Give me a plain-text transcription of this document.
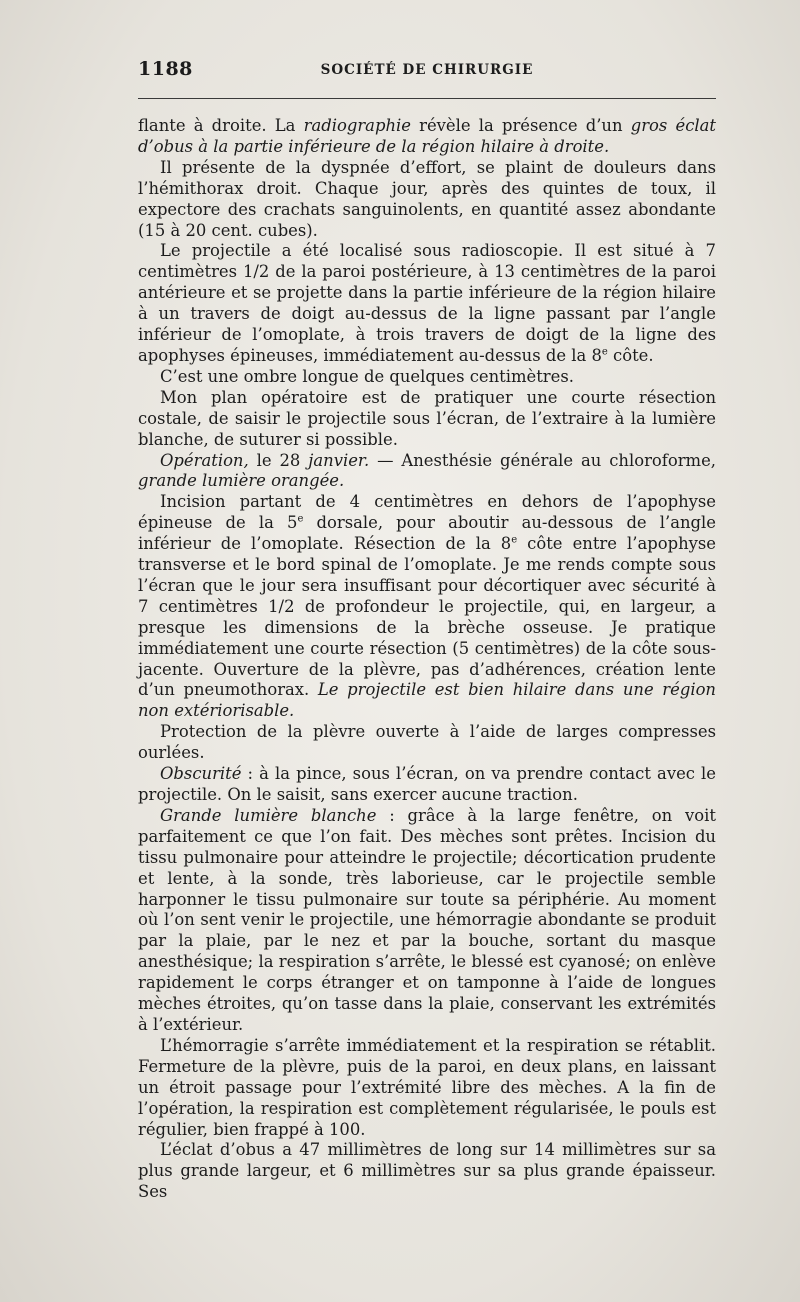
1188	SOCIÉTÉ DE CHIRURGIE

flante à droite. La radiographie révèle la présence d’un gros éclat d’obus à la partie inférieure de la région hilaire à droite.

Il présente de la dyspnée d’effort, se plaint de douleurs dans l’hémithorax droit. Chaque jour, après des quintes de toux, il expectore des crachats sanguinolents, en quantité assez abondante (15 à 20 cent. cubes).

Le projectile a été localisé sous radioscopie. Il est situé à 7 centimètres 1/2 de la paroi postérieure, à 13 centimètres de la paroi antérieure et se projette dans la partie inférieure de la région hilaire à un travers de doigt au-dessus de la ligne passant par l’angle inférieur de l’omoplate, à trois travers de doigt de la ligne des apophyses épineuses, immédiatement au-dessus de la 8e côte.

C’est une ombre longue de quelques centimètres.

Mon plan opératoire est de pratiquer une courte résection costale, de saisir le projectile sous l’écran, de l’extraire à la lumière blanche, de suturer si possible.

Opération, le 28 janvier. — Anesthésie générale au chloroforme, grande lumière orangée.

Incision partant de 4 centimètres en dehors de l’apophyse épineuse de la 5e dorsale, pour aboutir au-dessous de l’angle inférieur de l’omoplate. Résection de la 8e côte entre l’apophyse transverse et le bord spinal de l’omoplate. Je me rends compte sous l’écran que le jour sera insuffisant pour décortiquer avec sécurité à 7 centimètres 1/2 de profondeur le projectile, qui, en largeur, a presque les dimensions de la brèche osseuse. Je pratique immédiatement une courte résection (5 centimètres) de la côte sous-jacente. Ouverture de la plèvre, pas d’adhérences, création lente d’un pneumothorax. Le projectile est bien hilaire dans une région non extériorisable.

Protection de la plèvre ouverte à l’aide de larges compresses ourlées.

Obscurité : à la pince, sous l’écran, on va prendre contact avec le projectile. On le saisit, sans exercer aucune traction.

Grande lumière blanche : grâce à la large fenêtre, on voit parfaitement ce que l’on fait. Des mèches sont prêtes. Incision du tissu pulmonaire pour atteindre le projectile; décortication prudente et lente, à la sonde, très laborieuse, car le projectile semble harponner le tissu pulmonaire sur toute sa périphérie. Au moment où l’on sent venir le projectile, une hémorragie abondante se produit par la plaie, par le nez et par la bouche, sortant du masque anesthésique; la respiration s’arrête, le blessé est cyanosé; on enlève rapidement le corps étranger et on tamponne à l’aide de longues mèches étroites, qu’on tasse dans la plaie, conservant les extrémités à l’extérieur.

L’hémorragie s’arrête immédiatement et la respiration se rétablit. Fermeture de la plèvre, puis de la paroi, en deux plans, en laissant un étroit passage pour l’extrémité libre des mèches. A la fin de l’opération, la respiration est complètement régularisée, le pouls est régulier, bien frappé à 100.

L’éclat d’obus a 47 millimètres de long sur 14 millimètres sur sa plus grande largeur, et 6 millimètres sur sa plus grande épaisseur. Ses
